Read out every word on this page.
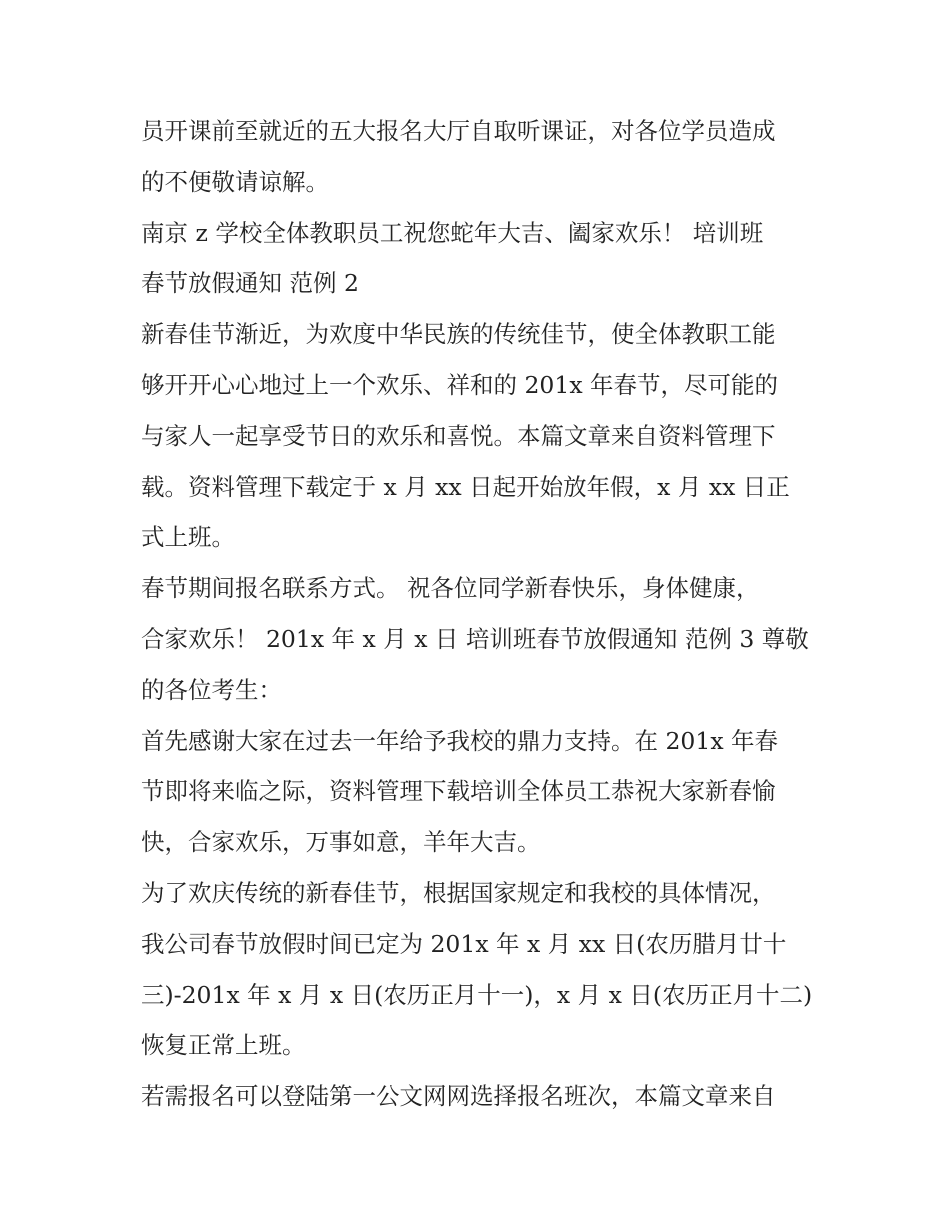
员开课前至就近的五大报名大厅自取听课证，对各位学员造成
的不便敬请谅解。
南京 z 学校全体教职员工祝您蛇年大吉、阖家欢乐！ 培训班
春节放假通知 范例 2
新春佳节渐近，为欢度中华民族的传统佳节，使全体教职工能
够开开心心地过上一个欢乐、祥和的 201x 年春节，尽可能的
与家人一起享受节日的欢乐和喜悦。本篇文章来自资料管理下
载。资料管理下载定于 x 月 xx 日起开始放年假，x 月 xx 日正
式上班。
春节期间报名联系方式。 祝各位同学新春快乐，身体健康，
合家欢乐！ 201x 年 x 月 x 日 培训班春节放假通知 范例 3 尊敬
的各位考生：
首先感谢大家在过去一年给予我校的鼎力支持。在 201x 年春
节即将来临之际，资料管理下载培训全体员工恭祝大家新春愉
快，合家欢乐，万事如意，羊年大吉。
为了欢庆传统的新春佳节，根据国家规定和我校的具体情况，
我公司春节放假时间已定为 201x 年 x 月 xx 日(农历腊月廿十
三)-201x 年 x 月 x 日(农历正月十一)，x 月 x 日(农历正月十二)
恢复正常上班。
若需报名可以登陆第一公文网网选择报名班次，本篇文章来自
